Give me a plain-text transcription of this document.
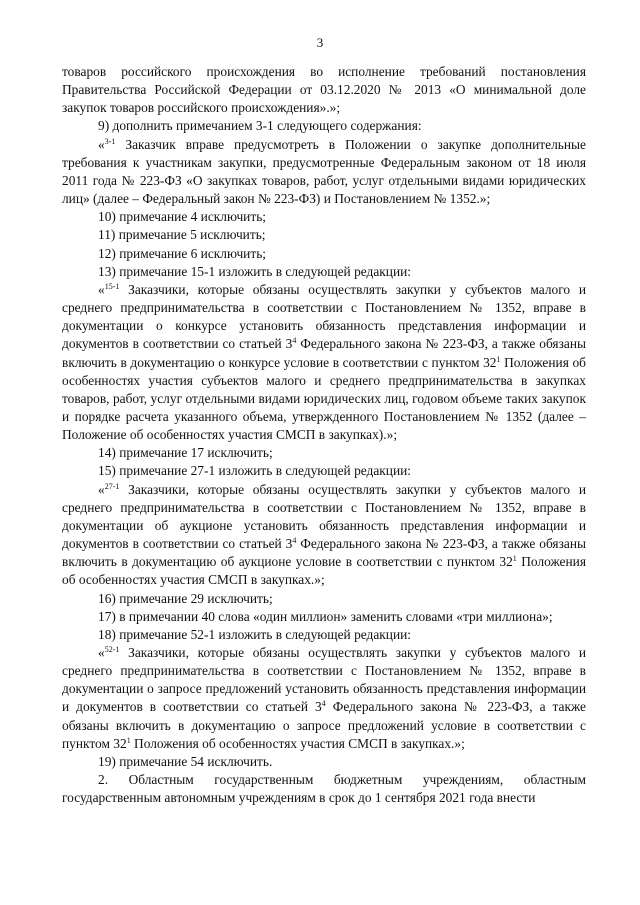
3

товаров российского происхождения во исполнение требований постановления Правительства Российской Федерации от 03.12.2020 № 2013 «О минимальной доле закупок товаров российского происхождения».»;

9) дополнить примечанием 3-1 следующего содержания:

«$^{3-1}$ Заказчик вправе предусмотреть в Положении о закупке дополнительные требования к участникам закупки, предусмотренные Федеральным законом от 18 июля 2011 года № 223-ФЗ «О закупках товаров, работ, услуг отдельными видами юридических лиц» (далее – Федеральный закон № 223-ФЗ) и Постановлением № 1352.»;

10) примечание 4 исключить;

11) примечание 5 исключить;

12) примечание 6 исключить;

13) примечание 15-1 изложить в следующей редакции:

«$^{15-1}$ Заказчики, которые обязаны осуществлять закупки у субъектов малого и среднего предпринимательства в соответствии с Постановлением № 1352, вправе в документации о конкурсе установить обязанность представления информации и документов в соответствии со статьей $3^4$ Федерального закона № 223-ФЗ, а также обязаны включить в документацию о конкурсе условие в соответствии с пунктом $32^1$ Положения об особенностях участия субъектов малого и среднего предпринимательства в закупках товаров, работ, услуг отдельными видами юридических лиц, годовом объеме таких закупок и порядке расчета указанного объема, утвержденного Постановлением № 1352 (далее – Положение об особенностях участия СМСП в закупках).»;

14) примечание 17 исключить;

15) примечание 27-1 изложить в следующей редакции:

«$^{27-1}$ Заказчики, которые обязаны осуществлять закупки у субъектов малого и среднего предпринимательства в соответствии с Постановлением № 1352, вправе в документации об аукционе установить обязанность представления информации и документов в соответствии со статьей $3^4$ Федерального закона № 223-ФЗ, а также обязаны включить в документацию об аукционе условие в соответствии с пунктом $32^1$ Положения об особенностях участия СМСП в закупках.»;

16) примечание 29 исключить;

17) в примечании 40 слова «один миллион» заменить словами «три миллиона»;

18) примечание 52-1 изложить в следующей редакции:

«$^{52-1}$ Заказчики, которые обязаны осуществлять закупки у субъектов малого и среднего предпринимательства в соответствии с Постановлением № 1352, вправе в документации о запросе предложений установить обязанность представления информации и документов в соответствии со статьей $3^4$ Федерального закона № 223-ФЗ, а также обязаны включить в документацию о запросе предложений условие в соответствии с пунктом $32^1$ Положения об особенностях участия СМСП в закупках.»;

19) примечание 54 исключить.

2. Областным государственным бюджетным учреждениям, областным государственным автономным учреждениям в срок до 1 сентября 2021 года внести
